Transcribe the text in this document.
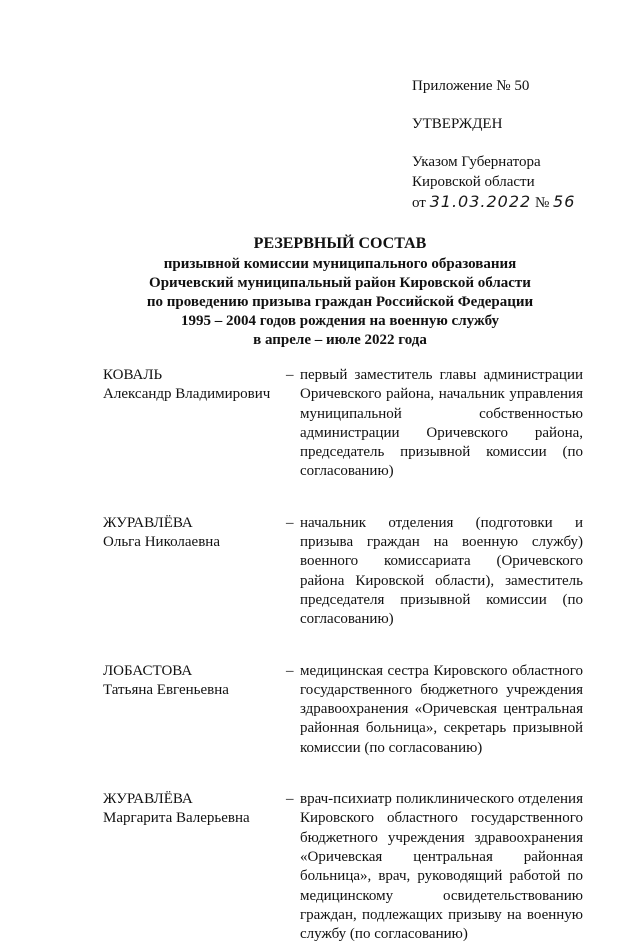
Приложение № 50
УТВЕРЖДЕН
Указом Губернатора
Кировской области
от 31.03.2022 № 56
РЕЗЕРВНЫЙ СОСТАВ
призывной комиссии муниципального образования
Оричевский муниципальный район Кировской области
по проведению призыва граждан Российской Федерации
1995 – 2004 годов рождения на военную службу
в апреле – июле 2022 года
КОВАЛЬ
Александр Владимирович
– первый заместитель главы администрации Оричевского района, начальник управления муниципальной собственностью администрации Оричевского района, председатель призывной комиссии (по согласованию)
ЖУРАВЛЁВА
Ольга Николаевна
– начальник отделения (подготовки и призыва граждан на военную службу) военного комиссариата (Оричевского района Кировской области), заместитель председателя призывной комиссии (по согласованию)
ЛОБАСТОВА
Татьяна Евгеньевна
– медицинская сестра Кировского областного государственного бюджетного учреждения здравоохранения «Оричевская центральная районная больница», секретарь призывной комиссии (по согласованию)
ЖУРАВЛЁВА
Маргарита Валерьевна
– врач-психиатр поликлинического отделения Кировского областного государственного бюджетного учреждения здравоохранения «Оричевская центральная районная больница», врач, руководящий работой по медицинскому освидетельствованию граждан, подлежащих призыву на военную службу (по согласованию)
